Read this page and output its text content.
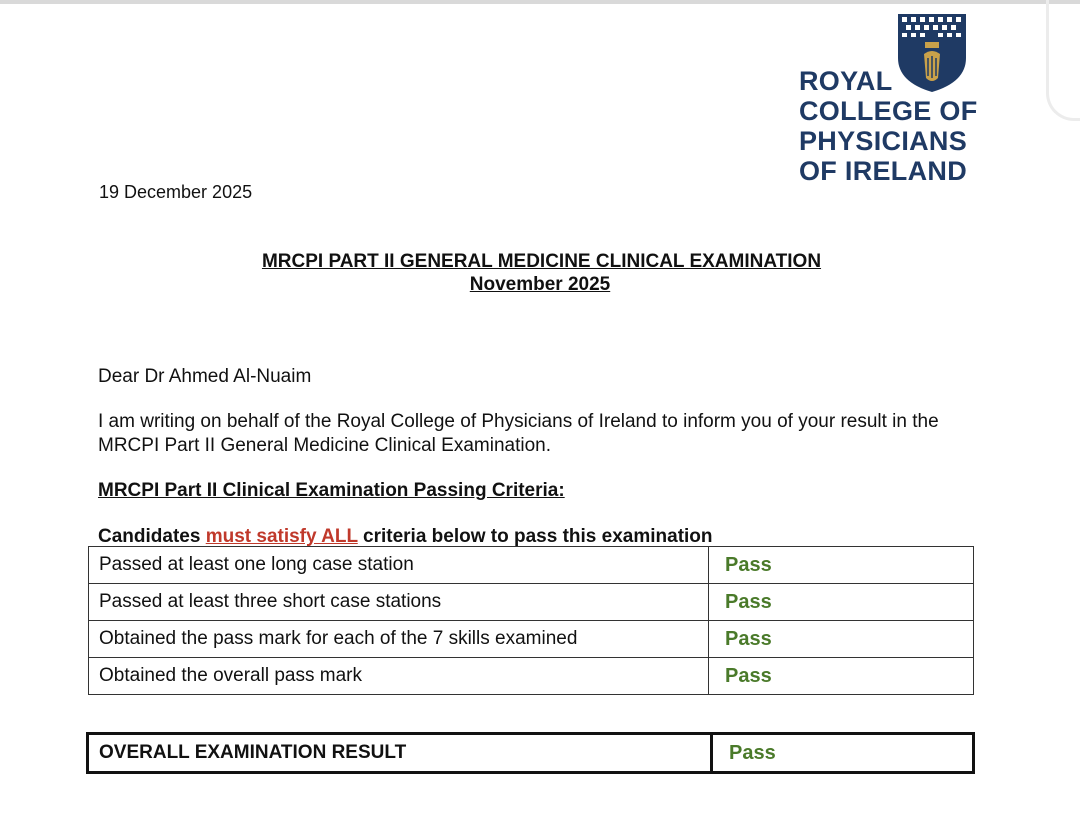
ROYAL
COLLEGE OF
PHYSICIANS
OF IRELAND
19 December 2025
MRCPI PART II GENERAL MEDICINE CLINICAL EXAMINATION
November 2025
Dear Dr Ahmed Al-Nuaim
I am writing on behalf of the Royal College of Physicians of Ireland to inform you of your result in the MRCPI Part II General Medicine Clinical Examination.
MRCPI Part II Clinical Examination Passing Criteria:
Candidates must satisfy ALL criteria below to pass this examination
Passed at least one long case station	Pass
Passed at least three short case stations	Pass
Obtained the pass mark for each of the 7 skills examined	Pass
Obtained the overall pass mark	Pass
OVERALL EXAMINATION RESULT	Pass
